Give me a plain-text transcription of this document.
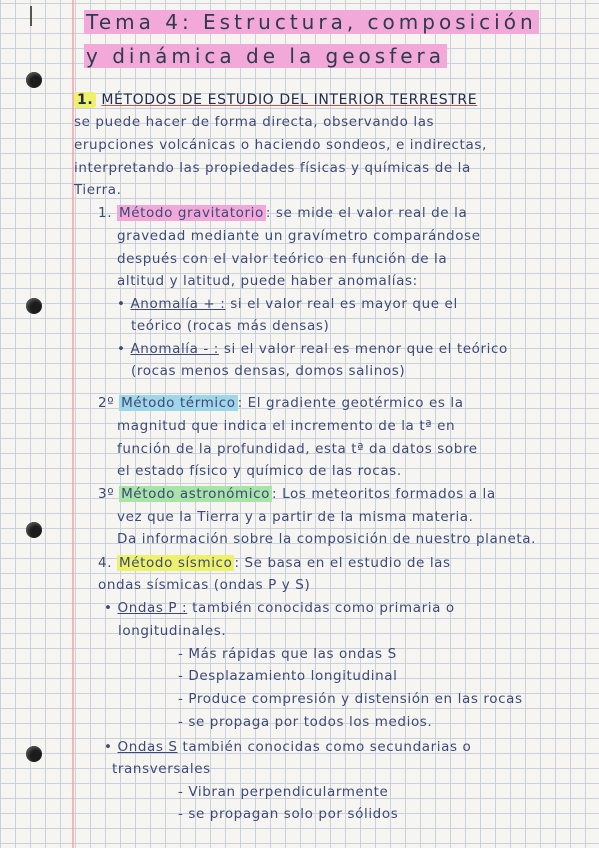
Tema 4: Estructura, composición
y dinámica de la geosfera
1. MÉTODOS DE ESTUDIO DEL INTERIOR TERRESTRE
se puede hacer de forma directa, observando las
erupciones volcánicas o haciendo sondeos, e indirectas,
interpretando las propiedades físicas y químicas de la
Tierra.
1. Método gravitatorio : se mide el valor real de la
gravedad mediante un gravímetro comparándose
después con el valor teórico en función de la
altitud y latitud, puede haber anomalías:
• Anomalía + : si el valor real es mayor que el
teórico (rocas más densas)
• Anomalía - : si el valor real es menor que el teórico
(rocas menos densas, domos salinos)
2º Método térmico : El gradiente geotérmico es la
magnitud que indica el incremento de la tª en
función de la profundidad, esta tª da datos sobre
el estado físico y químico de las rocas.
3º Método astronómico : Los meteoritos formados a la
vez que la Tierra y a partir de la misma materia.
Da información sobre la composición de nuestro planeta.
4. Método sísmico : Se basa en el estudio de las
ondas sísmicas (ondas P y S)
• Ondas P : también conocidas como primaria o
longitudinales.
- Más rápidas que las ondas S
- Desplazamiento longitudinal
- Produce compresión y distensión en las rocas
- se propaga por todos los medios.
• Ondas S también conocidas como secundarias o
transversales
- Vibran perpendicularmente
- se propagan solo por sólidos
